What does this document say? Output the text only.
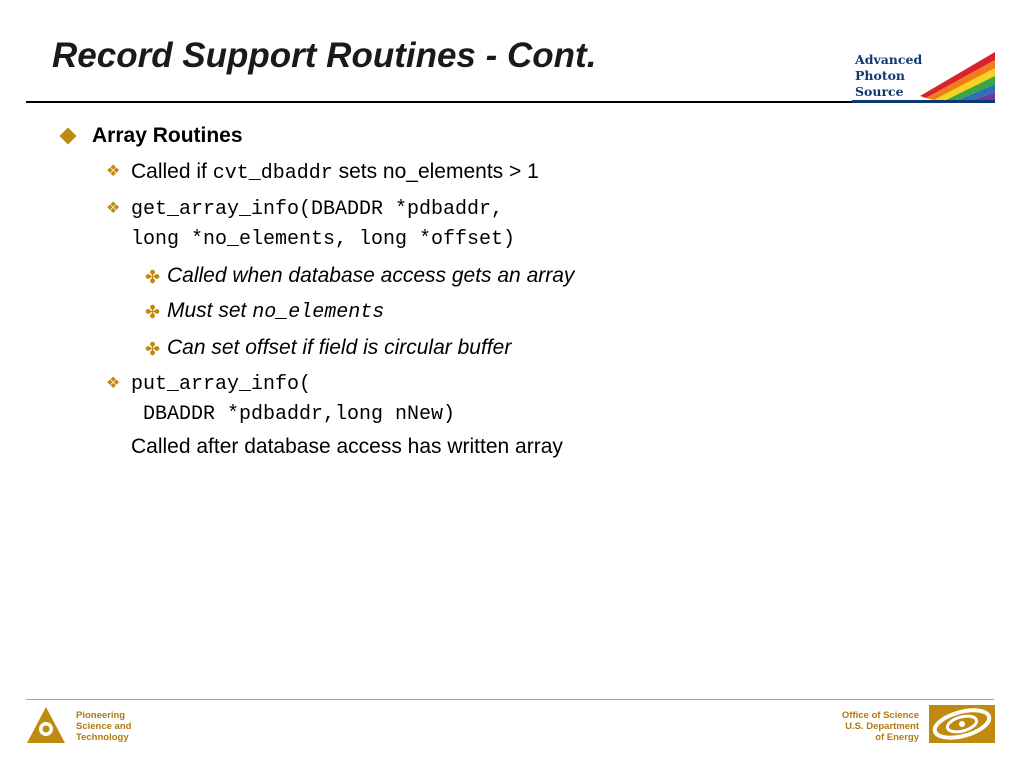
Record Support Routines - Cont.	Advanced
Photon
Source
Array Routines
❖ Called if cvt_dbaddr sets no_elements > 1
❖ get_array_info(DBADDR *pdbaddr,
long *no_elements, long *offset)
✤ Called when database access gets an array
✤ Must set no_elements
✤ Can set offset if field is circular buffer
❖ put_array_info(
DBADDR *pdbaddr,long nNew)
Called after database access has written array
Pioneering
Science and
Technology
Office of Science
U.S. Department
of Energy
